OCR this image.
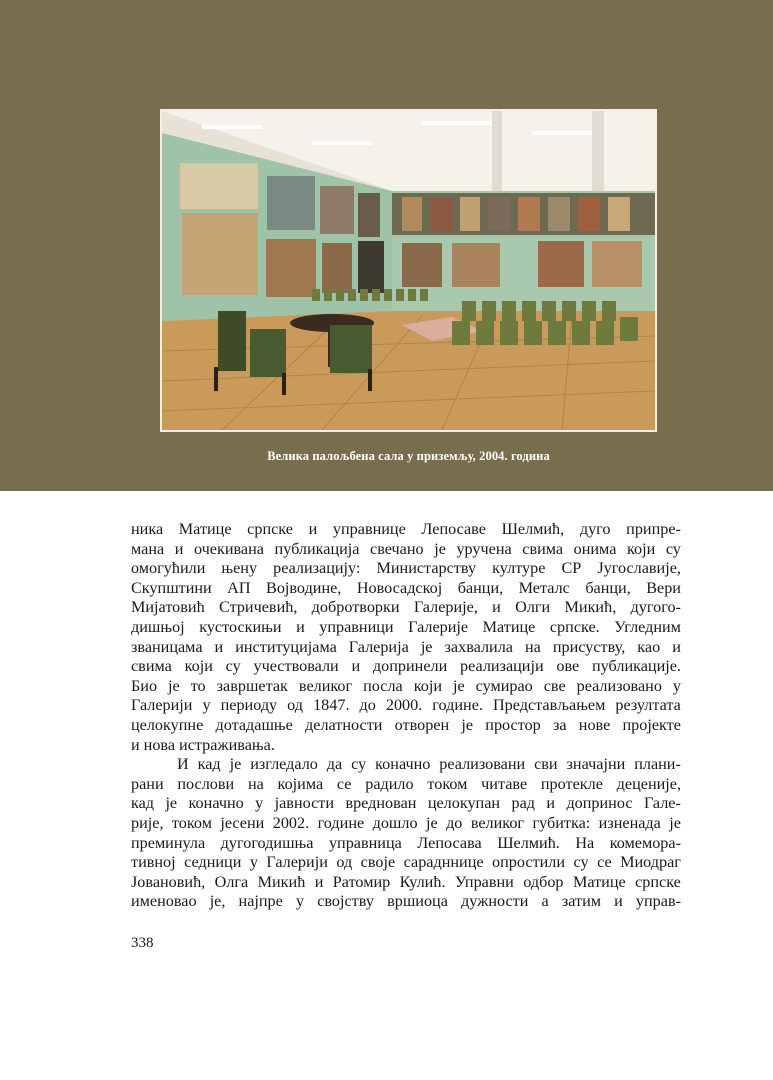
Велика палољбена сала у приземљу, 2004. година
ника Матице српске и управнице Лепосаве Шелмић, дуго припре-
мана и очекивана публикација свечано је уручена свима онима који су
омогућили њену реализацију: Министарству културе СР Југославије,
Скупштини АП Војводине, Новосадској банци, Металс банци, Вери
Мијатовић Стричевић, добротворки Галерије, и Олги Микић, дугого-
дишњој кустоскињи и управници Галерије Матице српске. Угледним
званицама и институцијама Галерија је захвалила на присуству, као и
свима који су учествовали и допринели реализацији ове публикације.
Био је то завршетак великог посла који је сумирао све реализовано у
Галерији у периоду од 1847. до 2000. године. Представљањем резултата
целокупне дотадашње делатности отворен је простор за нове пројекте
и нова истраживања.
И кад је изгледало да су коначно реализовани сви значајни плани-
рани послови на којима се радило током читаве протекле деценије,
кад је коначно у јавности вреднован целокупан рад и допринос Гале-
рије, током јесени 2002. године дошло је до великог губитка: изненада је
преминула дугогодишња управница Лепосава Шелмић. На комемора-
тивној седници у Галерији од своје сарадннице опростили су се Миодраг
Јовановић, Олга Микић и Ратомир Кулић. Управни одбор Матице српске
именовао је, најпре у својству вршиоца дужности а затим и управ-
338
